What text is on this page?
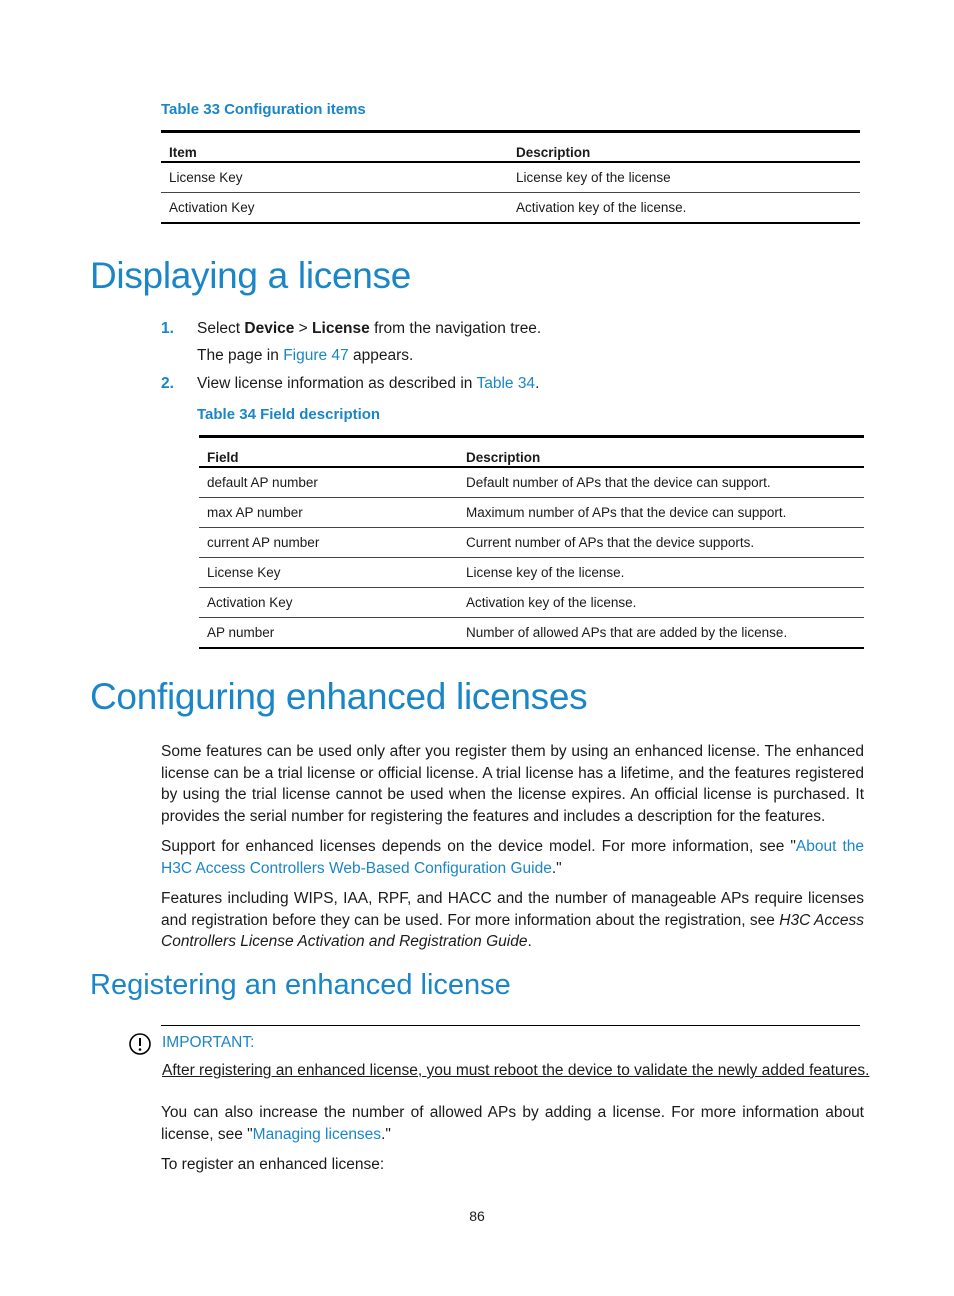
Table 33 Configuration items
Item	Description
License Key	License key of the license
Activation Key	Activation key of the license.
Displaying a license
1. Select Device > License from the navigation tree.
The page in Figure 47 appears.
2. View license information as described in Table 34.
Table 34 Field description
Field	Description
default AP number	Default number of APs that the device can support.
max AP number	Maximum number of APs that the device can support.
current AP number	Current number of APs that the device supports.
License Key	License key of the license.
Activation Key	Activation key of the license.
AP number	Number of allowed APs that are added by the license.
Configuring enhanced licenses

Some features can be used only after you register them by using an enhanced license. The enhanced license can be a trial license or official license. A trial license has a lifetime, and the features registered by using the trial license cannot be used when the license expires. An official license is purchased. It provides the serial number for registering the features and includes a description for the features.

Support for enhanced licenses depends on the device model. For more information, see "About the H3C Access Controllers Web-Based Configuration Guide."

Features including WIPS, IAA, RPF, and HACC and the number of manageable APs require licenses and registration before they can be used. For more information about the registration, see H3C Access Controllers License Activation and Registration Guide.

Registering an enhanced license
IMPORTANT:
After registering an enhanced license, you must reboot the device to validate the newly added features.

You can also increase the number of allowed APs by adding a license. For more information about license, see "Managing licenses."

To register an enhanced license:

86
